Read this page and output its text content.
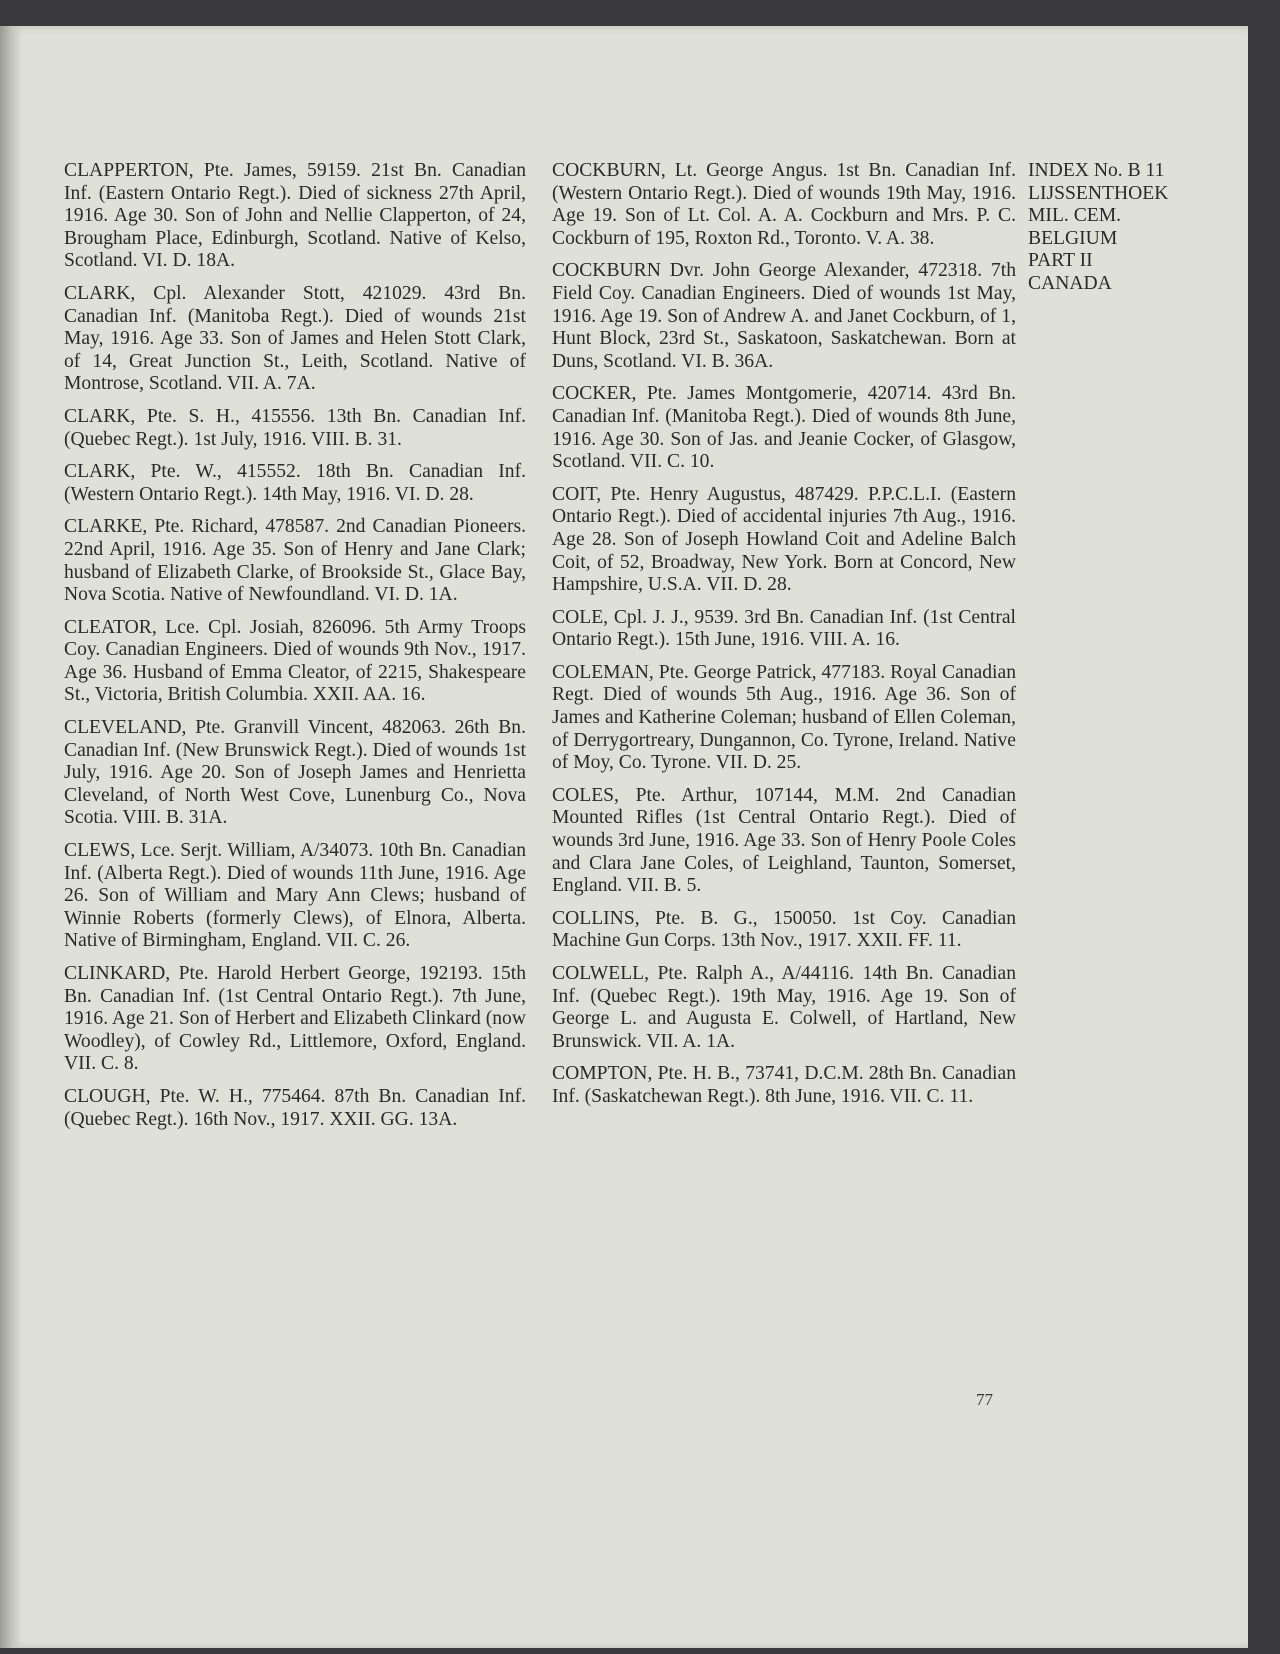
CLAPPERTON, Pte. James, 59159. 21st Bn. Canadian Inf. (Eastern Ontario Regt.). Died of sickness 27th April, 1916. Age 30. Son of John and Nellie Clapperton, of 24, Brougham Place, Edinburgh, Scotland. Native of Kelso, Scotland. VI. D. 18A.

CLARK, Cpl. Alexander Stott, 421029. 43rd Bn. Canadian Inf. (Manitoba Regt.). Died of wounds 21st May, 1916. Age 33. Son of James and Helen Stott Clark, of 14, Great Junction St., Leith, Scotland. Native of Montrose, Scotland. VII. A. 7A.

CLARK, Pte. S. H., 415556. 13th Bn. Canadian Inf. (Quebec Regt.). 1st July, 1916. VIII. B. 31.

CLARK, Pte. W., 415552. 18th Bn. Canadian Inf. (Western Ontario Regt.). 14th May, 1916. VI. D. 28.

CLARKE, Pte. Richard, 478587. 2nd Canadian Pioneers. 22nd April, 1916. Age 35. Son of Henry and Jane Clark; husband of Elizabeth Clarke, of Brookside St., Glace Bay, Nova Scotia. Native of Newfoundland. VI. D. 1A.

CLEATOR, Lce. Cpl. Josiah, 826096. 5th Army Troops Coy. Canadian Engineers. Died of wounds 9th Nov., 1917. Age 36. Husband of Emma Cleator, of 2215, Shakespeare St., Victoria, British Columbia. XXII. AA. 16.

CLEVELAND, Pte. Granvill Vincent, 482063. 26th Bn. Canadian Inf. (New Brunswick Regt.). Died of wounds 1st July, 1916. Age 20. Son of Joseph James and Henrietta Cleveland, of North West Cove, Lunenburg Co., Nova Scotia. VIII. B. 31A.

CLEWS, Lce. Serjt. William, A/34073. 10th Bn. Canadian Inf. (Alberta Regt.). Died of wounds 11th June, 1916. Age 26. Son of William and Mary Ann Clews; husband of Winnie Roberts (formerly Clews), of Elnora, Alberta. Native of Birmingham, England. VII. C. 26.

CLINKARD, Pte. Harold Herbert George, 192193. 15th Bn. Canadian Inf. (1st Central Ontario Regt.). 7th June, 1916. Age 21. Son of Herbert and Elizabeth Clinkard (now Woodley), of Cowley Rd., Littlemore, Oxford, England. VII. C. 8.

CLOUGH, Pte. W. H., 775464. 87th Bn. Canadian Inf. (Quebec Regt.). 16th Nov., 1917. XXII. GG. 13A.

COCKBURN, Lt. George Angus. 1st Bn. Canadian Inf. (Western Ontario Regt.). Died of wounds 19th May, 1916. Age 19. Son of Lt. Col. A. A. Cockburn and Mrs. P. C. Cockburn of 195, Roxton Rd., Toronto. V. A. 38.

COCKBURN Dvr. John George Alexander, 472318. 7th Field Coy. Canadian Engineers. Died of wounds 1st May, 1916. Age 19. Son of Andrew A. and Janet Cockburn, of 1, Hunt Block, 23rd St., Saskatoon, Saskatchewan. Born at Duns, Scotland. VI. B. 36A.

COCKER, Pte. James Montgomerie, 420714. 43rd Bn. Canadian Inf. (Manitoba Regt.). Died of wounds 8th June, 1916. Age 30. Son of Jas. and Jeanie Cocker, of Glasgow, Scotland. VII. C. 10.

COIT, Pte. Henry Augustus, 487429. P.P.C.L.I. (Eastern Ontario Regt.). Died of accidental injuries 7th Aug., 1916. Age 28. Son of Joseph Howland Coit and Adeline Balch Coit, of 52, Broadway, New York. Born at Concord, New Hampshire, U.S.A. VII. D. 28.

COLE, Cpl. J. J., 9539. 3rd Bn. Canadian Inf. (1st Central Ontario Regt.). 15th June, 1916. VIII. A. 16.

COLEMAN, Pte. George Patrick, 477183. Royal Canadian Regt. Died of wounds 5th Aug., 1916. Age 36. Son of James and Katherine Coleman; husband of Ellen Coleman, of Derrygortreary, Dungannon, Co. Tyrone, Ireland. Native of Moy, Co. Tyrone. VII. D. 25.

COLES, Pte. Arthur, 107144, M.M. 2nd Canadian Mounted Rifles (1st Central Ontario Regt.). Died of wounds 3rd June, 1916. Age 33. Son of Henry Poole Coles and Clara Jane Coles, of Leighland, Taunton, Somerset, England. VII. B. 5.

COLLINS, Pte. B. G., 150050. 1st Coy. Canadian Machine Gun Corps. 13th Nov., 1917. XXII. FF. 11.

COLWELL, Pte. Ralph A., A/44116. 14th Bn. Canadian Inf. (Quebec Regt.). 19th May, 1916. Age 19. Son of George L. and Augusta E. Colwell, of Hartland, New Brunswick. VII. A. 1A.

COMPTON, Pte. H. B., 73741, D.C.M. 28th Bn. Canadian Inf. (Saskatchewan Regt.). 8th June, 1916. VII. C. 11.

INDEX No. B 11
LIJSSENTHOEK
MIL. CEM.
BELGIUM
PART II
CANADA
77
